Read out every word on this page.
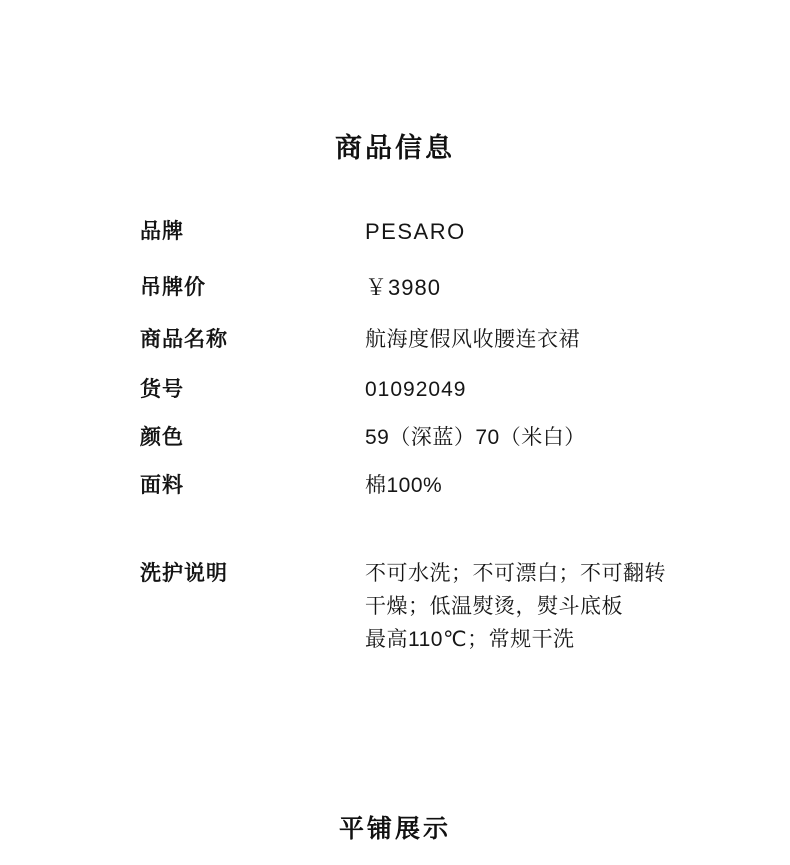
商品信息
品牌	PESARO
吊牌价	￥3980
商品名称	航海度假风收腰连衣裙
货号	01092049
颜色	59（深蓝）70（米白）
面料	棉100%
洗护说明	不可水洗；不可漂白；不可翻转
干燥；低温熨烫，熨斗底板
最高110℃；常规干洗
平铺展示
